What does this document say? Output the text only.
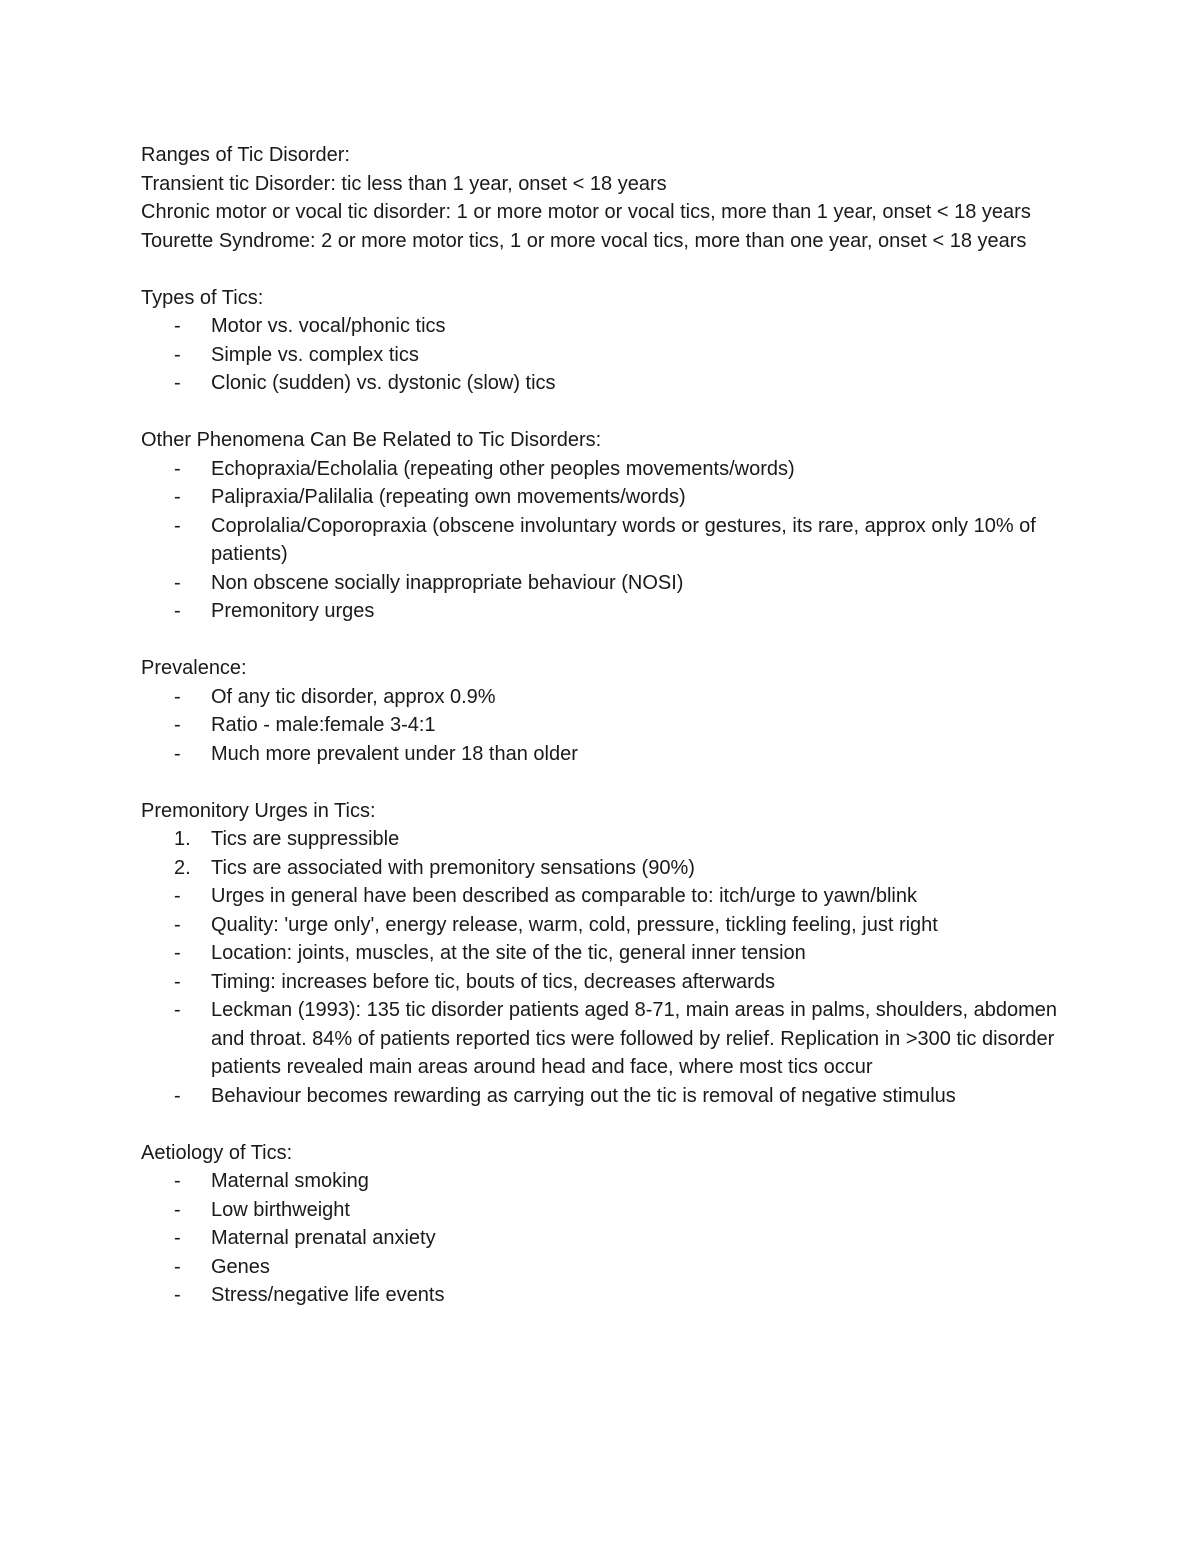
Ranges of Tic Disorder:

Transient tic Disorder: tic less than 1 year, onset < 18 years

Chronic motor or vocal tic disorder: 1 or more motor or vocal tics, more than 1 year, onset < 18 years

Tourette Syndrome: 2 or more motor tics, 1 or more vocal tics, more than one year, onset < 18 years

Types of Tics:

-	Motor vs. vocal/phonic tics
-	Simple vs. complex tics
-	Clonic (sudden) vs. dystonic (slow) tics

Other Phenomena Can Be Related to Tic Disorders:

-	Echopraxia/Echolalia (repeating other peoples movements/words)
-	Palipraxia/Palilalia (repeating own movements/words)
-	Coprolalia/Coporopraxia (obscene involuntary words or gestures, its rare, approx only 10% of patients)
-	Non obscene socially inappropriate behaviour (NOSI)
-	Premonitory urges

Prevalence:

-	Of any tic disorder, approx 0.9%
-	Ratio - male:female 3-4:1
-	Much more prevalent under 18 than older

Premonitory Urges in Tics:

1.	Tics are suppressible
2.	Tics are associated with premonitory sensations (90%)
-	Urges in general have been described as comparable to: itch/urge to yawn/blink
-	Quality: 'urge only', energy release, warm, cold, pressure, tickling feeling, just right
-	Location: joints, muscles, at the site of the tic, general inner tension
-	Timing: increases before tic, bouts of tics, decreases afterwards
-	Leckman (1993): 135 tic disorder patients aged 8-71, main areas in palms, shoulders, abdomen and throat. 84% of patients reported tics were followed by relief. Replication in >300 tic disorder patients revealed main areas around head and face, where most tics occur
-	Behaviour becomes rewarding as carrying out the tic is removal of negative stimulus

Aetiology of Tics:

-	Maternal smoking
-	Low birthweight
-	Maternal prenatal anxiety
-	Genes
-	Stress/negative life events
